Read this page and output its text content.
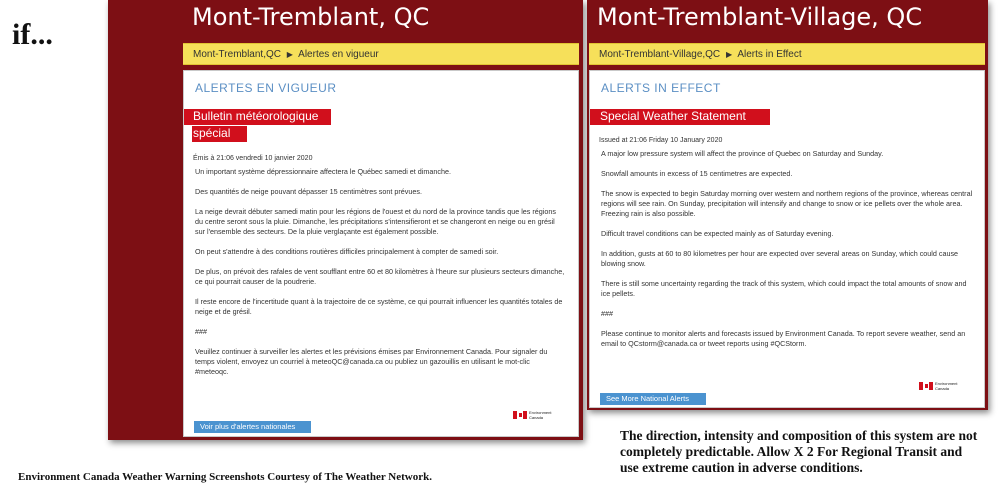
if...
Mont-Tremblant, QC
Mont-Tremblant,QC ▶ Alertes en vigueur
ALERTES EN VIGUEUR
Bulletin météorologique
spécial
Émis à 21:06 vendredi 10 janvier 2020

Un important système dépressionnaire affectera le Québec samedi et dimanche.

Des quantités de neige pouvant dépasser 15 centimètres sont prévues.

La neige devrait débuter samedi matin pour les régions de l'ouest et du nord de la province tandis que les régions du centre seront sous la pluie. Dimanche, les précipitations s'intensifieront et se changeront en neige ou en grésil sur l'ensemble des secteurs. De la pluie verglaçante est également possible.

On peut s'attendre à des conditions routières difficiles principalement à compter de samedi soir.

De plus, on prévoit des rafales de vent soufflant entre 60 et 80 kilomètres à l'heure sur plusieurs secteurs dimanche, ce qui pourrait causer de la poudrerie.

Il reste encore de l'incertitude quant à la trajectoire de ce système, ce qui pourrait influencer les quantités totales de neige et de grésil.

###

Veuillez continuer à surveiller les alertes et les prévisions émises par Environnement Canada. Pour signaler du temps violent, envoyez un courriel à meteoQC@canada.ca ou publiez un gazouillis en utilisant le mot-clic #meteoqc.

Environment
Canada
Voir plus d'alertes nationales
Mont-Tremblant-Village, QC
Mont-Tremblant-Village,QC ▶ Alerts in Effect
ALERTS IN EFFECT
Special Weather Statement
Issued at 21:06 Friday 10 January 2020

A major low pressure system will affect the province of Quebec on Saturday and Sunday.

Snowfall amounts in excess of 15 centimetres are expected.

The snow is expected to begin Saturday morning over western and northern regions of the province, whereas central regions will see rain. On Sunday, precipitation will intensify and change to snow or ice pellets over the whole area. Freezing rain is also possible.

Difficult travel conditions can be expected mainly as of Saturday evening.

In addition, gusts at 60 to 80 kilometres per hour are expected over several areas on Sunday, which could cause blowing snow.

There is still some uncertainty regarding the track of this system, which could impact the total amounts of snow and ice pellets.

###

Please continue to monitor alerts and forecasts issued by Environment Canada. To report severe weather, send an email to QCstorm@canada.ca or tweet reports using #QCStorm.

Environment
Canada
See More National Alerts
Environment Canada Weather Warning Screenshots Courtesy of The Weather Network.
The direction, intensity and composition of this system are not completely predictable. Allow X 2 For Regional Transit and use extreme caution in adverse conditions.
